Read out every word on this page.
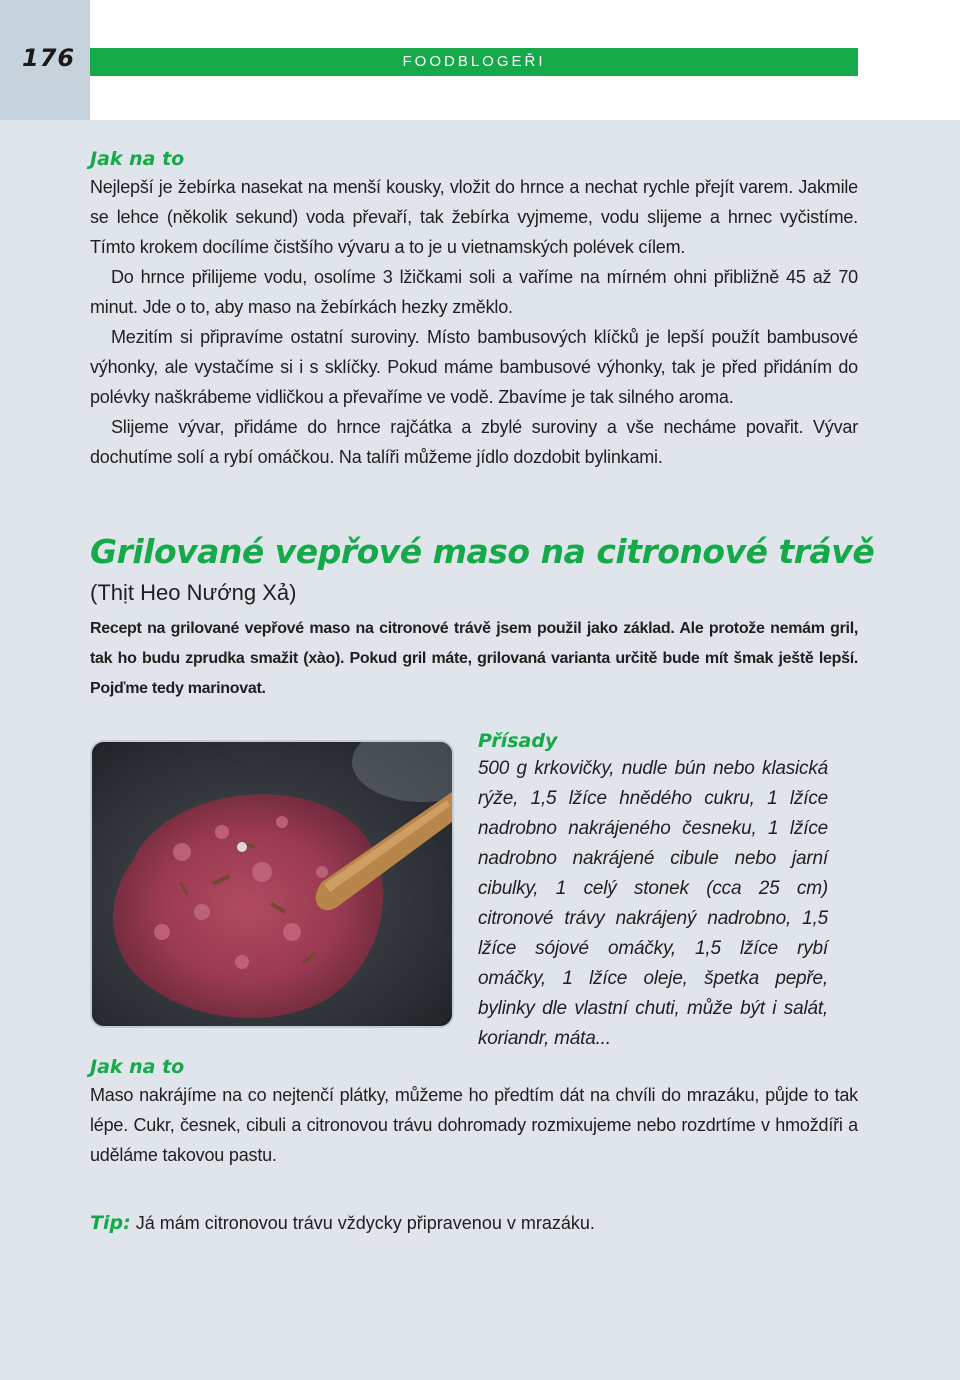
176	FOODBLOGEŘI
Jak na to

Nejlepší je žebírka nasekat na menší kousky, vložit do hrnce a nechat rychle přejít varem. Jakmile se lehce (několik sekund) voda převaří, tak žebírka vyjmeme, vodu slijeme a hrnec vyčistíme. Tímto krokem docílíme čistšího vývaru a to je u vietnamských polévek cílem.

Do hrnce přilijeme vodu, osolíme 3 lžičkami soli a vaříme na mírném ohni přibližně 45 až 70 minut. Jde o to, aby maso na žebírkách hezky změklo.

Mezitím si připravíme ostatní suroviny. Místo bambusových klíčků je lepší použít bambusové výhonky, ale vystačíme si i s sklíčky. Pokud máme bambusové výhonky, tak je před přidáním do polévky naškrábeme vidličkou a převaříme ve vodě. Zbavíme je tak silného aroma.

Slijeme vývar, přidáme do hrnce rajčátka a zbylé suroviny a vše necháme povařit. Vývar dochutíme solí a rybí omáčkou. Na talíři můžeme jídlo dozdobit bylinkami.

Grilované vepřové maso na citronové trávě

(Thịt Heo Nướng Xả)

Recept na grilované vepřové maso na citronové trávě jsem použil jako základ. Ale protože nemám gril, tak ho budu zprudka smažit (xào). Pokud gril máte, grilovaná varianta určitě bude mít šmak ještě lepší. Pojďme tedy marinovat.

Přísady

500 g krkovičky, nudle bún nebo klasická rýže, 1,5 lžíce hnědého cukru, 1 lžíce nadrobno nakrájeného česneku, 1 lžíce nadrobno nakrájené cibule nebo jarní cibulky, 1 celý stonek (cca 25 cm) citronové trávy nakrájený nadrobno, 1,5 lžíce sójové omáčky, 1,5 lžíce rybí omáčky, 1 lžíce oleje, špetka pepře, bylinky dle vlastní chuti, může být i salát, koriandr, máta...

Jak na to

Maso nakrájíme na co nejtenčí plátky, můžeme ho předtím dát na chvíli do mrazáku, půjde to tak lépe. Cukr, česnek, cibuli a citronovou trávu dohromady rozmixujeme nebo rozdrtíme v hmoždíři a uděláme takovou pastu.

Tip: Já mám citronovou trávu vždycky připravenou v mrazáku.
